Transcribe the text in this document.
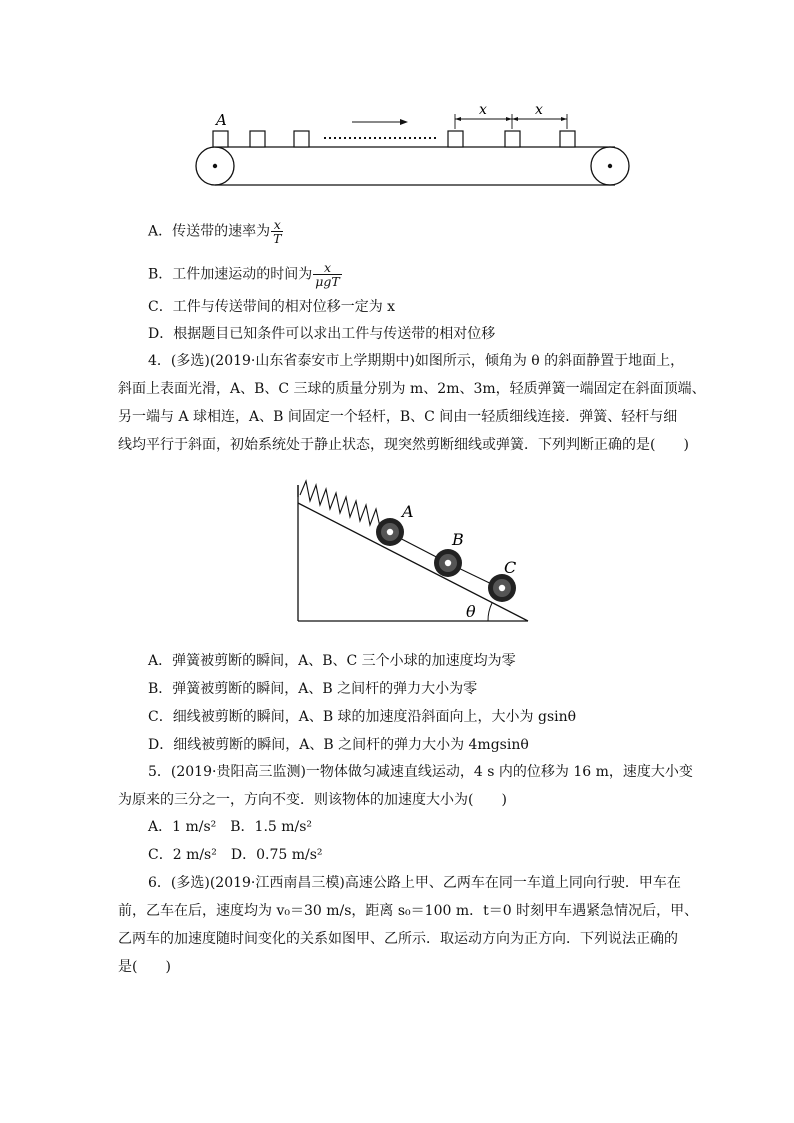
A
x	x
A．传送带的速率为 $\frac{x}{T}$
B．工件加速运动的时间为 $\frac{x}{\text{μgT}}$
C．工件与传送带间的相对位移一定为 x
D．根据题目已知条件可以求出工件与传送带的相对位移
4．(多选)(2019·山东省泰安市上学期期中)如图所示，倾角为 θ 的斜面静置于地面上，
斜面上表面光滑，A、B、C 三球的质量分别为 m、2m、3m，轻质弹簧一端固定在斜面顶端、
另一端与 A 球相连，A、B 间固定一个轻杆，B、C 间由一轻质细线连接．弹簧、轻杆与细
线均平行于斜面，初始系统处于静止状态，现突然剪断细线或弹簧．下列判断正确的是(　　)
A
B
C
θ
A．弹簧被剪断的瞬间，A、B、C 三个小球的加速度均为零
B．弹簧被剪断的瞬间，A、B 之间杆的弹力大小为零
C．细线被剪断的瞬间，A、B 球的加速度沿斜面向上，大小为 gsinθ
D．细线被剪断的瞬间，A、B 之间杆的弹力大小为 4mgsinθ
5．(2019·贵阳高三监测)一物体做匀减速直线运动，4 s 内的位移为 16 m，速度大小变
为原来的三分之一，方向不变．则该物体的加速度大小为(　　)
A．1 m/s²　B．1.5 m/s²
C．2 m/s²　D．0.75 m/s²
6．(多选)(2019·江西南昌三模)高速公路上甲、乙两车在同一车道上同向行驶．甲车在
前，乙车在后，速度均为 v₀＝30 m/s，距离 s₀＝100 m．t＝0 时刻甲车遇紧急情况后，甲、
乙两车的加速度随时间变化的关系如图甲、乙所示．取运动方向为正方向．下列说法正确的
是(　　)
